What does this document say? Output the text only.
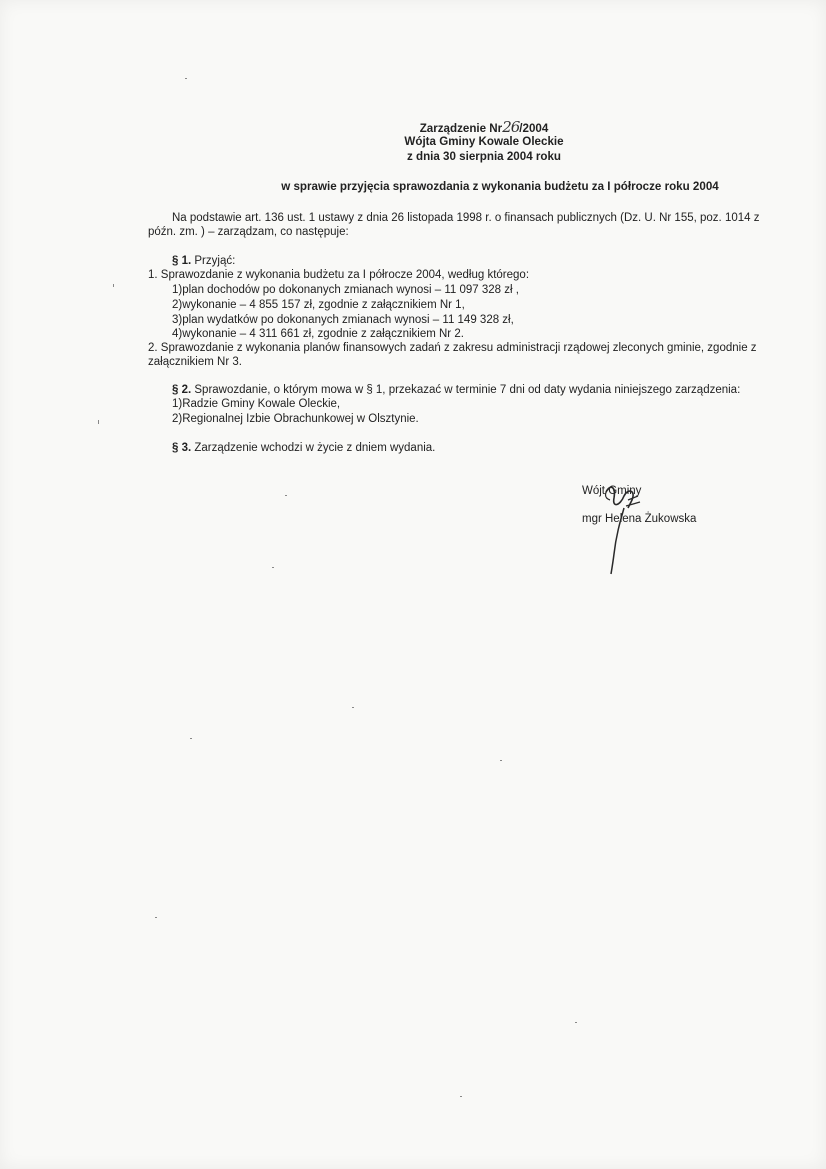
Zarządzenie Nr26/2004
Wójta Gminy Kowale Oleckie
z dnia 30 sierpnia 2004 roku
w sprawie przyjęcia sprawozdania z wykonania budżetu za I półrocze roku 2004
Na podstawie art. 136 ust. 1 ustawy z dnia 26 listopada 1998 r. o finansach publicznych (Dz. U. Nr 155, poz. 1014 z
późn. zm. ) – zarządzam, co następuje:
§ 1. Przyjąć:
1. Sprawozdanie z wykonania budżetu za I półrocze 2004, według którego:
1)plan dochodów po dokonanych zmianach wynosi – 11 097 328 zł ,
2)wykonanie – 4 855 157 zł, zgodnie z załącznikiem Nr 1,
3)plan wydatków po dokonanych zmianach wynosi – 11 149 328 zł,
4)wykonanie – 4 311 661 zł, zgodnie z załącznikiem Nr 2.
2. Sprawozdanie z wykonania planów finansowych zadań z zakresu administracji rządowej zleconych gminie, zgodnie z
załącznikiem Nr 3.
§ 2. Sprawozdanie, o którym mowa w § 1, przekazać w terminie 7 dni od daty wydania niniejszego zarządzenia:
1)Radzie Gminy Kowale Oleckie,
2)Regionalnej Izbie Obrachunkowej w Olsztynie.
§ 3. Zarządzenie wchodzi w życie z dniem wydania.
Wójt Gminy
mgr Helena Żukowska
